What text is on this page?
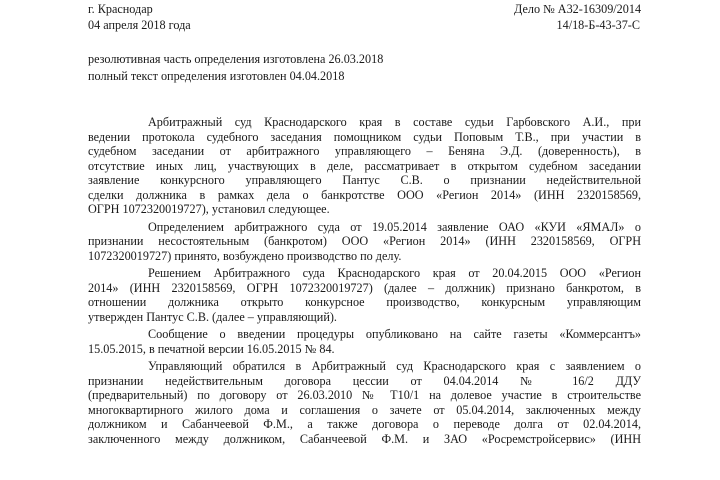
г. Краснодар
04 апреля 2018 года
Дело № А32-16309/2014
14/18-Б-43-37-С
резолютивная часть определения изготовлена 26.03.2018
полный текст определения изготовлен 04.04.2018
Арбитражный суд Краснодарского края в составе судьи Гарбовского А.И., при
ведении протокола судебного заседания помощником судьи Поповым Т.В., при участии в
судебном заседании от арбитражного управляющего – Беняна Э.Д. (доверенность), в
отсутствие иных лиц, участвующих в деле, рассматривает в открытом судебном заседании
заявление конкурсного управляющего Пантус С.В. о признании недействительной
сделки должника в рамках дела о банкротстве ООО «Регион 2014» (ИНН 2320158569,
ОГРН 1072320019727), установил следующее.
Определением арбитражного суда от 19.05.2014 заявление ОАО «КУИ «ЯМАЛ» о
признании несостоятельным (банкротом) ООО «Регион 2014» (ИНН 2320158569, ОГРН
1072320019727) принято, возбуждено производство по делу.
Решением Арбитражного суда Краснодарского края от 20.04.2015 ООО «Регион
2014» (ИНН 2320158569, ОГРН 1072320019727) (далее – должник) признано банкротом, в
отношении должника открыто конкурсное производство, конкурсным управляющим
утвержден Пантус С.В. (далее – управляющий).
Сообщение о введении процедуры опубликовано на сайте газеты «Коммерсантъ»
15.05.2015, в печатной версии 16.05.2015 № 84.
Управляющий обратился в Арбитражный суд Краснодарского края с заявлением о
признании недействительным договора цессии от 04.04.2014 № 16/2 ДДУ
(предварительный) по договору от 26.03.2010 № Т10/1 на долевое участие в строительстве
многоквартирного жилого дома и соглашения о зачете от 05.04.2014, заключенных между
должником и Сабанчеевой Ф.М., а также договора о переводе долга от 02.04.2014,
заключенного между должником, Сабанчеевой Ф.М. и ЗАО «Росремстройсервис» (ИНН
